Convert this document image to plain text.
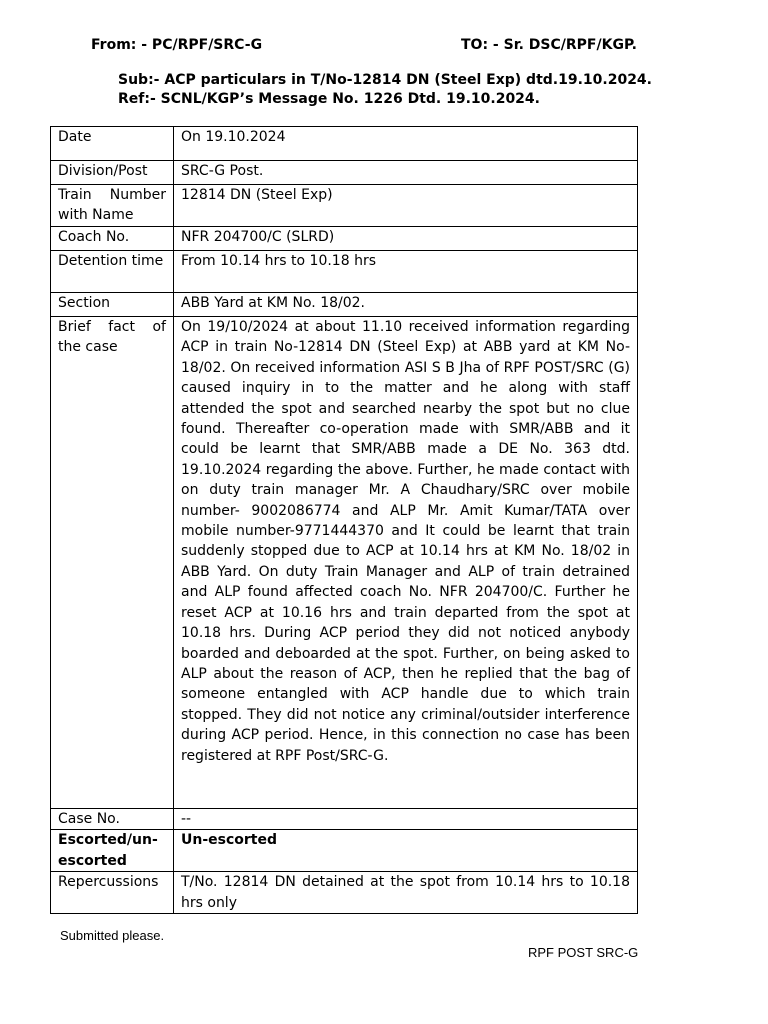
From: - PC/RPF/SRC-G	TO: - Sr. DSC/RPF/KGP.
Sub:- ACP particulars in T/No-12814 DN (Steel Exp) dtd.19.10.2024.
Ref:- SCNL/KGP’s Message No. 1226 Dtd. 19.10.2024.
Date	On 19.10.2024
Division/Post	SRC-G Post.
Train Number with Name	12814 DN (Steel Exp)
Coach No.	NFR 204700/C (SLRD)
Detention time	From 10.14 hrs to 10.18 hrs
Section	ABB Yard at KM No. 18/02.
Brief fact of the case	On 19/10/2024 at about 11.10 received information regarding ACP in train No-12814 DN (Steel Exp) at ABB yard at KM No-18/02. On received information ASI S B Jha of RPF POST/SRC (G) caused inquiry in to the matter and he along with staff attended the spot and searched nearby the spot but no clue found. Thereafter co-operation made with SMR/ABB and it could be learnt that SMR/ABB made a DE No. 363 dtd. 19.10.2024 regarding the above. Further, he made contact with on duty train manager Mr. A Chaudhary/SRC over mobile number- 9002086774 and ALP Mr. Amit Kumar/TATA over mobile number-9771444370 and It could be learnt that train suddenly stopped due to ACP at 10.14 hrs at KM No. 18/02 in ABB Yard. On duty Train Manager and ALP of train detrained and ALP found affected coach No. NFR 204700/C. Further he reset ACP at 10.16 hrs and train departed from the spot at 10.18 hrs. During ACP period they did not noticed anybody boarded and deboarded at the spot. Further, on being asked to ALP about the reason of ACP, then he replied that the bag of someone entangled with ACP handle due to which train stopped. They did not notice any criminal/outsider interference during ACP period. Hence, in this connection no case has been registered at RPF Post/SRC-G.
Case No.	--
Escorted/un-escorted	Un-escorted
Repercussions	T/No. 12814 DN detained at the spot from 10.14 hrs to 10.18 hrs only
Submitted please.
RPF POST SRC-G
